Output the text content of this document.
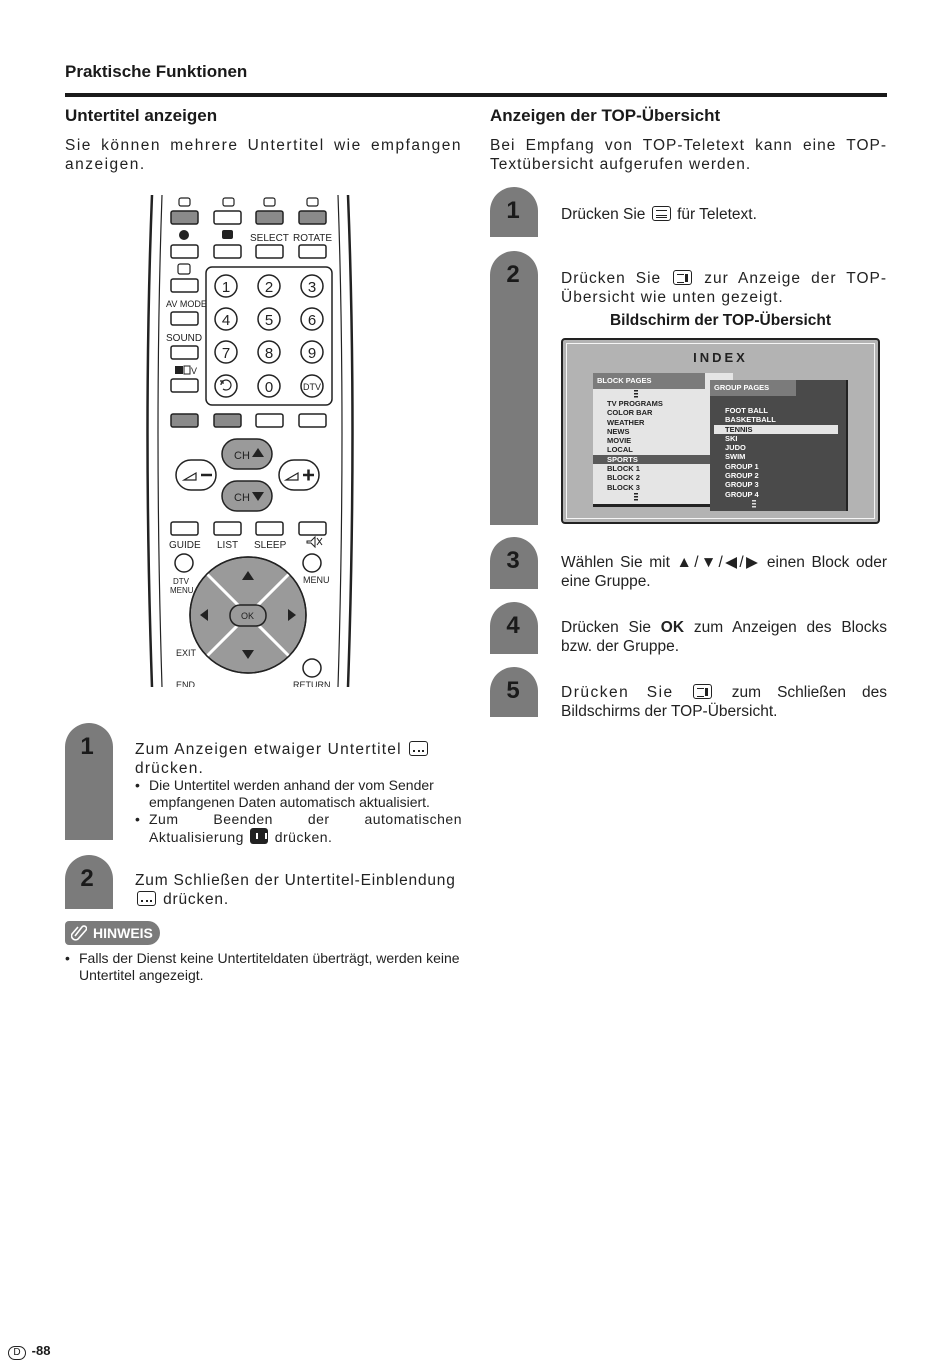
Praktische Funktionen
Untertitel anzeigen
Sie können mehrere Untertitel wie empfangen anzeigen.
SELECT ROTATE
AV MODE
SOUND
V
1 2 3
4 5 6
7 8 9
0	DTV
CH
CH
GUIDE LIST SLEEP
DTV
MENU
MENU
OK
EXIT
END	RETURN
1	Zum Anzeigen etwaiger Untertitel  drücken.
• Die Untertitel werden anhand der vom Sender empfangenen Daten automatisch aktualisiert.
• Zum Beenden der automatischen Aktualisierung drücken.
2	Zum Schließen der Untertitel-Einblendung
drücken.
HINWEIS
• Falls der Dienst keine Untertiteldaten überträgt, werden keine Untertitel angezeigt.
Anzeigen der TOP-Übersicht
Bei Empfang von TOP-Teletext kann eine TOP-Textübersicht aufgerufen werden.
1	Drücken Sie für Teletext.
2	Drücken Sie	zur Anzeige der TOP-Übersicht wie unten gezeigt.
Bildschirm der TOP-Übersicht
INDEX
BLOCK PAGES
TV PROGRAMS
COLOR BAR
WEATHER
NEWS
MOVIE
LOCAL
SPORTS
BLOCK 1
BLOCK 2
BLOCK 3
GROUP PAGES
FOOT BALL
BASKETBALL
TENNIS
SKI
JUDO
SWIM
GROUP 1
GROUP 2
GROUP 3
GROUP 4
3	Wählen Sie mit ▲/▼/◀/▶ einen Block oder eine Gruppe.
4	Drücken Sie OK zum Anzeigen des Blocks bzw. der Gruppe.
5	Drücken Sie	zum Schließen des Bildschirms der TOP-Übersicht.
D -88
